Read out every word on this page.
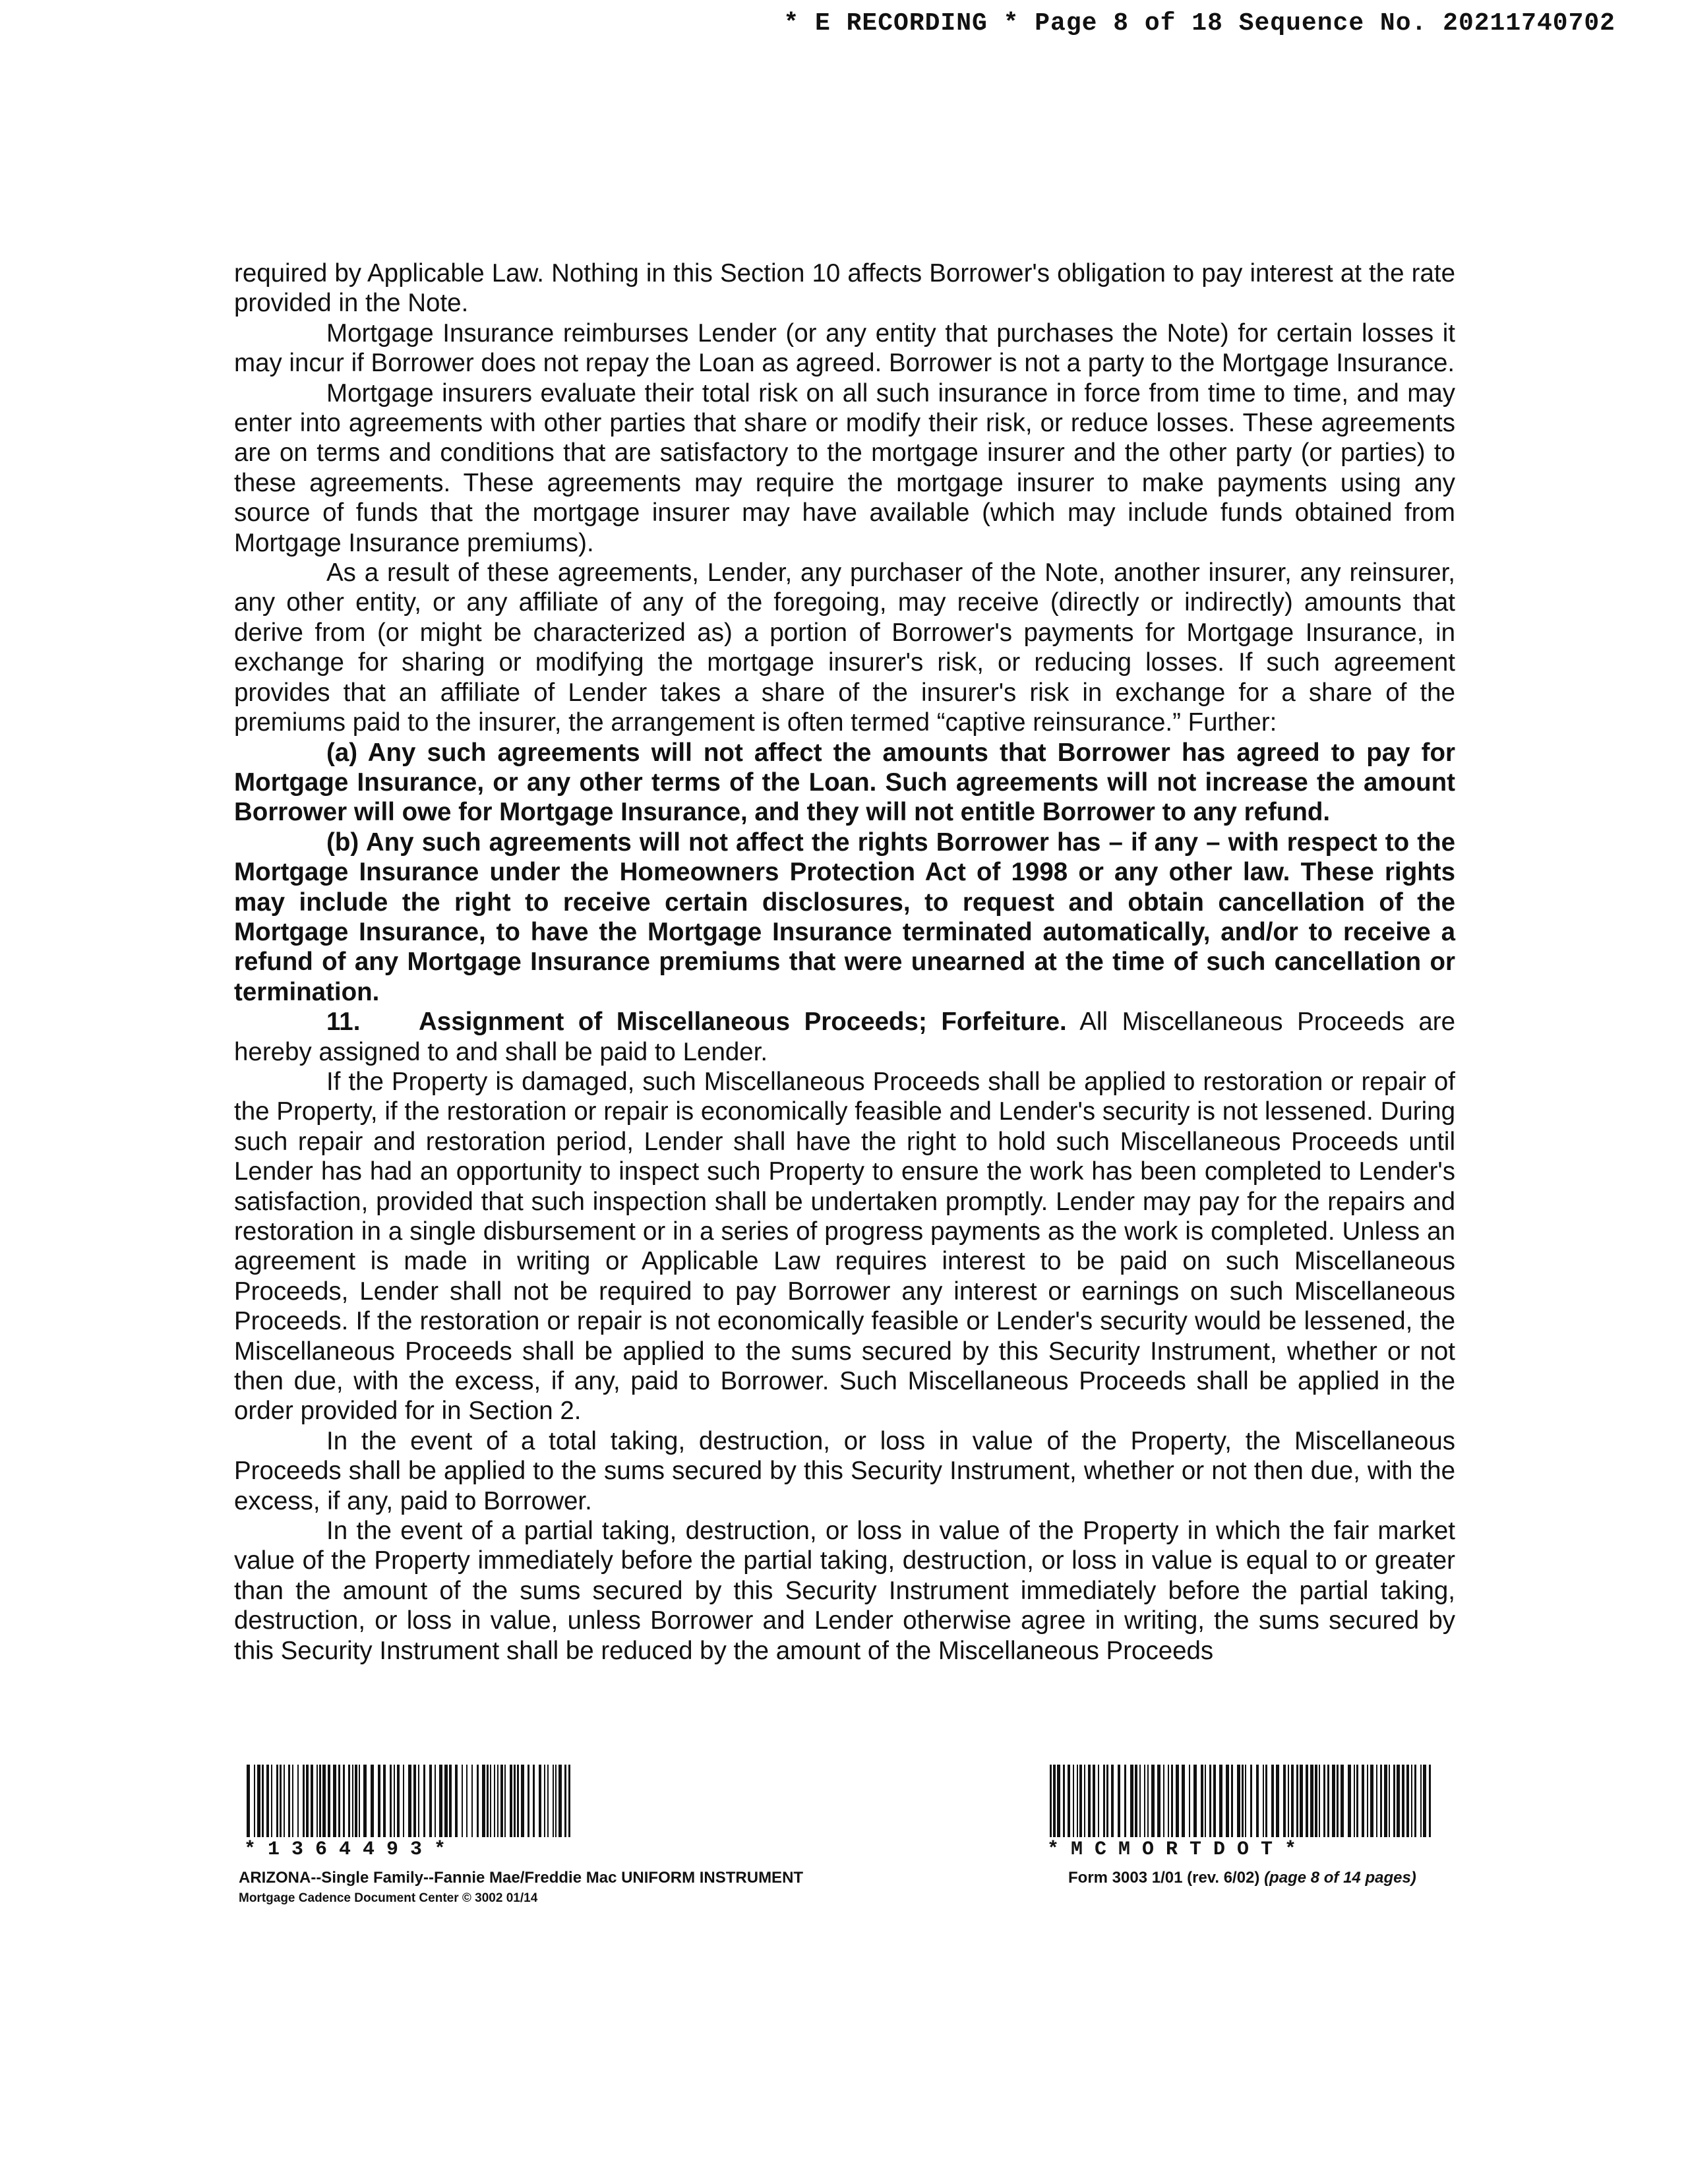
* E RECORDING * Page 8 of 18 Sequence No. 20211740702

required by Applicable Law. Nothing in this Section 10 affects Borrower's obligation to pay interest at the rate provided in the Note.

Mortgage Insurance reimburses Lender (or any entity that purchases the Note) for certain losses it may incur if Borrower does not repay the Loan as agreed. Borrower is not a party to the Mortgage Insurance.

Mortgage insurers evaluate their total risk on all such insurance in force from time to time, and may enter into agreements with other parties that share or modify their risk, or reduce losses. These agreements are on terms and conditions that are satisfactory to the mortgage insurer and the other party (or parties) to these agreements. These agreements may require the mortgage insurer to make payments using any source of funds that the mortgage insurer may have available (which may include funds obtained from Mortgage Insurance premiums).

As a result of these agreements, Lender, any purchaser of the Note, another insurer, any reinsurer, any other entity, or any affiliate of any of the foregoing, may receive (directly or indirectly) amounts that derive from (or might be characterized as) a portion of Borrower's payments for Mortgage Insurance, in exchange for sharing or modifying the mortgage insurer's risk, or reducing losses. If such agreement provides that an affiliate of Lender takes a share of the insurer's risk in exchange for a share of the premiums paid to the insurer, the arrangement is often termed “captive reinsurance.” Further:

(a) Any such agreements will not affect the amounts that Borrower has agreed to pay for Mortgage Insurance, or any other terms of the Loan. Such agreements will not increase the amount Borrower will owe for Mortgage Insurance, and they will not entitle Borrower to any refund.

(b) Any such agreements will not affect the rights Borrower has – if any – with respect to the Mortgage Insurance under the Homeowners Protection Act of 1998 or any other law. These rights may include the right to receive certain disclosures, to request and obtain cancellation of the Mortgage Insurance, to have the Mortgage Insurance terminated automatically, and/or to receive a refund of any Mortgage Insurance premiums that were unearned at the time of such cancellation or termination.

11. Assignment of Miscellaneous Proceeds; Forfeiture. All Miscellaneous Proceeds are hereby assigned to and shall be paid to Lender.

If the Property is damaged, such Miscellaneous Proceeds shall be applied to restoration or repair of the Property, if the restoration or repair is economically feasible and Lender's security is not lessened. During such repair and restoration period, Lender shall have the right to hold such Miscellaneous Proceeds until Lender has had an opportunity to inspect such Property to ensure the work has been completed to Lender's satisfaction, provided that such inspection shall be undertaken promptly. Lender may pay for the repairs and restoration in a single disbursement or in a series of progress payments as the work is completed. Unless an agreement is made in writing or Applicable Law requires interest to be paid on such Miscellaneous Proceeds, Lender shall not be required to pay Borrower any interest or earnings on such Miscellaneous Proceeds. If the restoration or repair is not economically feasible or Lender's security would be lessened, the Miscellaneous Proceeds shall be applied to the sums secured by this Security Instrument, whether or not then due, with the excess, if any, paid to Borrower. Such Miscellaneous Proceeds shall be applied in the order provided for in Section 2.

In the event of a total taking, destruction, or loss in value of the Property, the Miscellaneous Proceeds shall be applied to the sums secured by this Security Instrument, whether or not then due, with the excess, if any, paid to Borrower.

In the event of a partial taking, destruction, or loss in value of the Property in which the fair market value of the Property immediately before the partial taking, destruction, or loss in value is equal to or greater than the amount of the sums secured by this Security Instrument immediately before the partial taking, destruction, or loss in value, unless Borrower and Lender otherwise agree in writing, the sums secured by this Security Instrument shall be reduced by the amount of the Miscellaneous Proceeds

* 1 3 6 4 4 9 3 *	* M C M O R T D O T *
ARIZONA--Single Family--Fannie Mae/Freddie Mac UNIFORM INSTRUMENT
Mortgage Cadence Document Center © 3002 01/14
Form 3003 1/01 (rev. 6/02) (page 8 of 14 pages)
